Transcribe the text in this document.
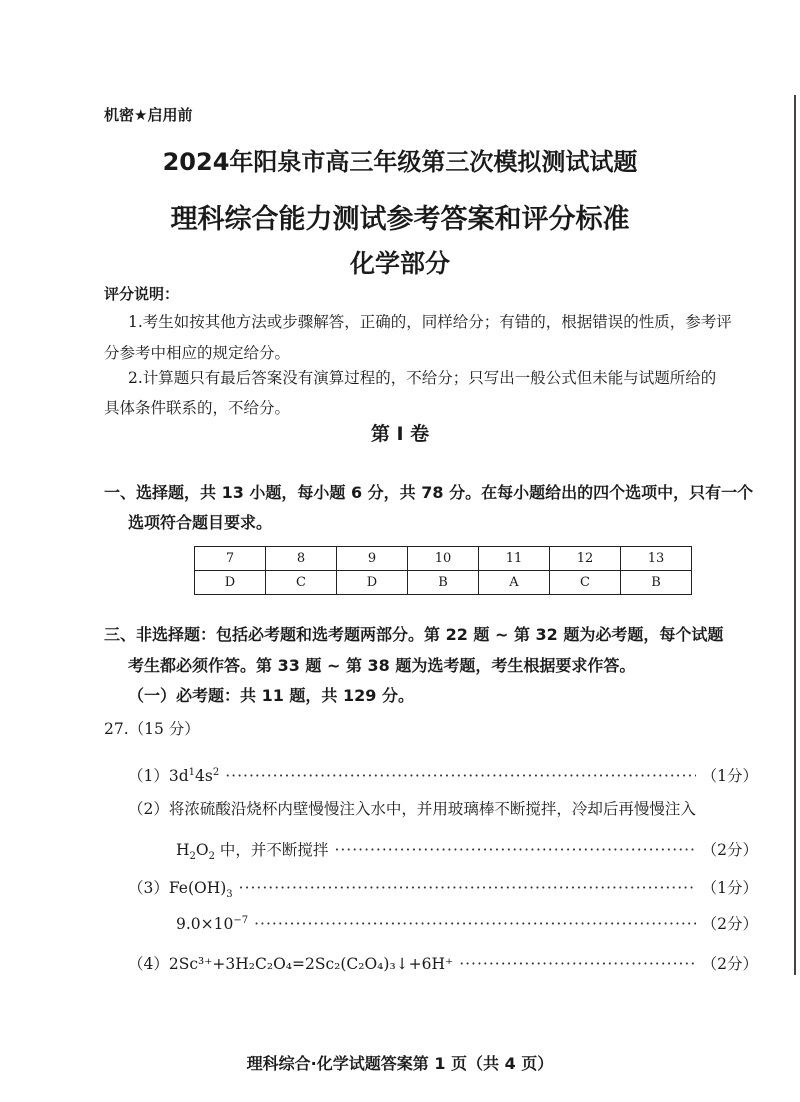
机密★启用前
2024年阳泉市高三年级第三次模拟测试试题
理科综合能力测试参考答案和评分标准
化学部分
评分说明：
1.考生如按其他方法或步骤解答，正确的，同样给分；有错的，根据错误的性质，参考评
分参考中相应的规定给分。
2.计算题只有最后答案没有演算过程的，不给分；只写出一般公式但未能与试题所给的
具体条件联系的，不给分。
第 I 卷
一、选择题，共 13 小题，每小题 6 分，共 78 分。在每小题给出的四个选项中，只有一个
选项符合题目要求。
7	8	9	10	11	12	13
D	C	D	B	A	C	B
三、非选择题：包括必考题和选考题两部分。第 22 题 ~ 第 32 题为必考题，每个试题
考生都必须作答。第 33 题 ~ 第 38 题为选考题，考生根据要求作答。
（一）必考题：共 11 题，共 129 分。
27.（15 分）
$(1)3d^14s^2$ ·····	（1分）
（2）将浓硫酸沿烧杯内壁慢慢注入水中，并用玻璃棒不断搅拌，冷却后再慢慢注入
$H_2O_2$ 中，并不断搅拌 ·····	（2分）
$(3)Fe(OH)_3$ ·····	（1分）
$9.0\times 10^{-7}$ ·····	（2分）
（4）2Sc³⁺+3H₂C₂O₄=2Sc₂(C₂O₄)₃↓+6H⁺ ·····	（2分）
理科综合·化学试题答案第 1 页（共 4 页）
